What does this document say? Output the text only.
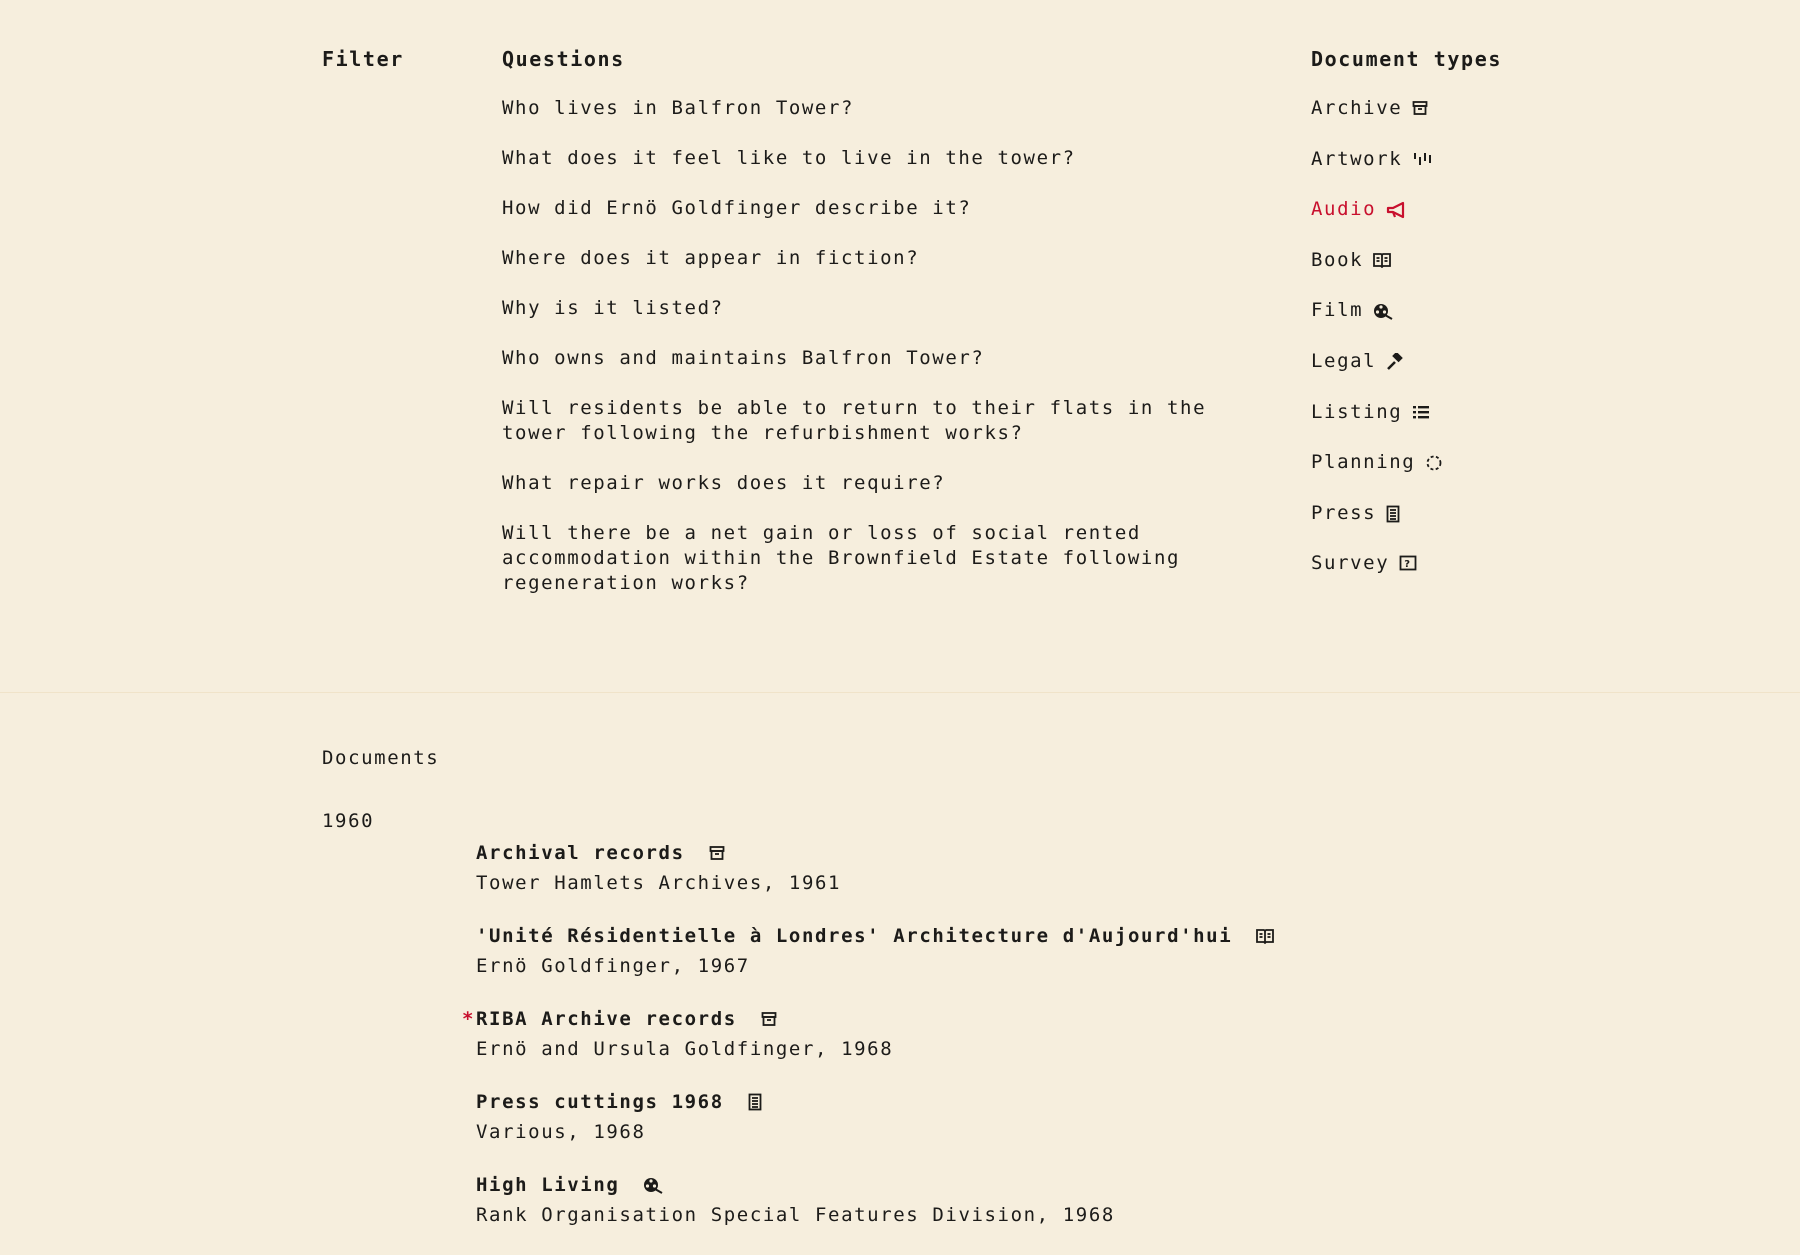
Filter	Questions	Document types
Who lives in Balfron Tower?
What does it feel like to live in the tower?
How did Ernö Goldfinger describe it?
Where does it appear in fiction?
Why is it listed?
Who owns and maintains Balfron Tower?
Will residents be able to return to their flats in the tower following the refurbishment works?
What repair works does it require?
Will there be a net gain or loss of social rented accommodation within the Brownfield Estate following regeneration works?
Archive
Artwork
Audio
Book
Film
Legal
Listing
Planning
Press
Survey ?
Documents
1960
Archival records
Tower Hamlets Archives, 1961
'Unité Résidentielle à Londres' Architecture d'Aujourd'hui
Ernö Goldfinger, 1967
* RIBA Archive records
Ernö and Ursula Goldfinger, 1968
Press cuttings 1968
Various, 1968
High Living
Rank Organisation Special Features Division, 1968
